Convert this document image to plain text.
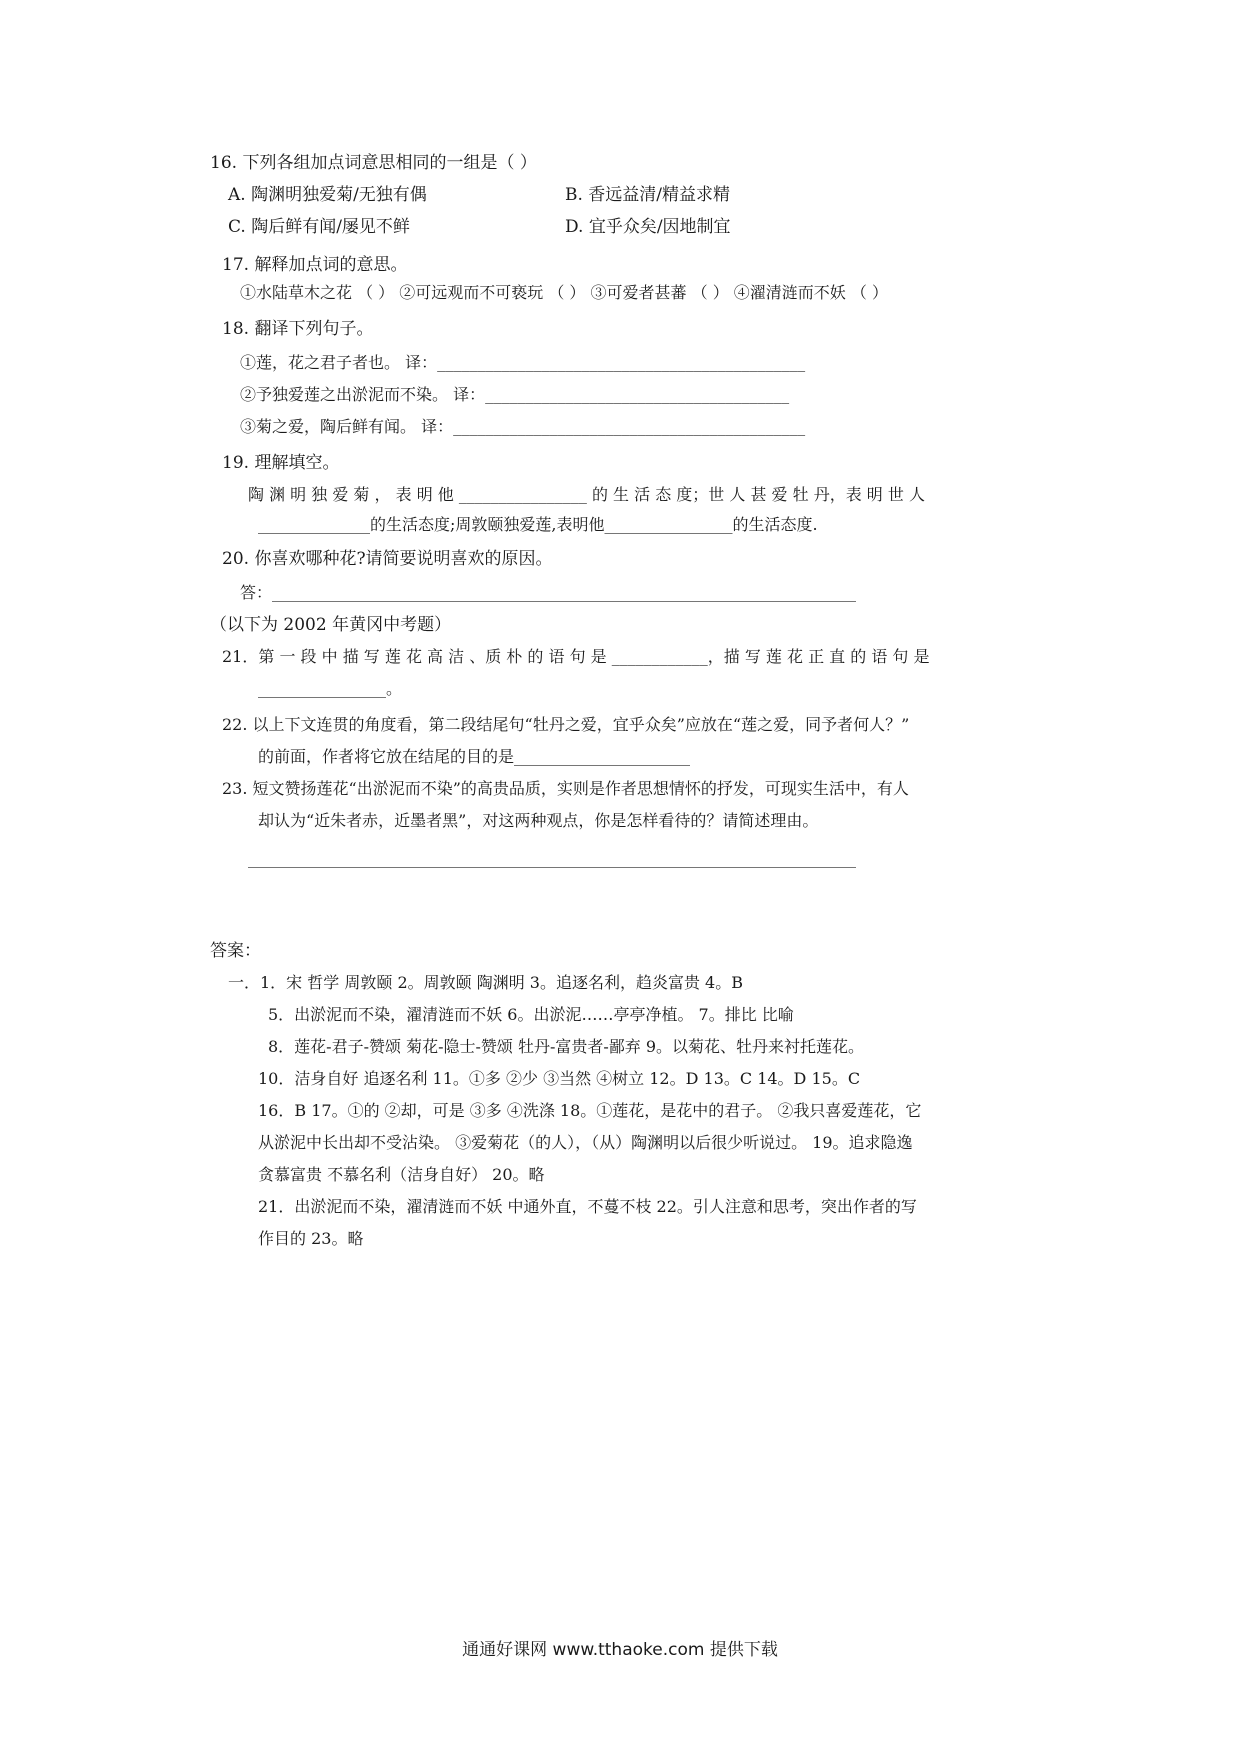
16. 下列各组加点词意思相同的一组是（ ）
A. 陶渊明独爱菊/无独有偶	B. 香远益清/精益求精
C. 陶后鲜有闻/屡见不鲜	D. 宜乎众矣/因地制宜
17. 解释加点词的意思。
①水陆草木之花 （ ） ②可远观而不可亵玩 （ ） ③可爱者甚蕃 （ ） ④濯清涟而不妖 （ ）
18. 翻译下列句子。
①莲，花之君子者也。 译：______________________________________________
②予独爱莲之出淤泥而不染。 译：______________________________________
③菊之爱，陶后鲜有闻。 译：____________________________________________
19. 理解填空。
陶 渊 明 独 爱 菊 ， 表 明 他 ________________ 的 生 活 态 度；世 人 甚 爱 牡 丹，表 明 世 人
______________的生活态度;周敦颐独爱莲,表明他________________的生活态度.
20. 你喜欢哪种花?请简要说明喜欢的原因。
答：_________________________________________________________________________
（以下为 2002 年黄冈中考题）
21．第 一 段 中 描 写 莲 花 高 洁 、质 朴 的 语 句 是 ____________，描 写 莲 花 正 直 的 语 句 是
________________。
22. 以上下文连贯的角度看，第二段结尾句“牡丹之爱，宜乎众矣”应放在“莲之爱，同予者何人？”
的前面，作者将它放在结尾的目的是______________________
23. 短文赞扬莲花“出淤泥而不染”的高贵品质，实则是作者思想情怀的抒发，可现实生活中，有人
却认为“近朱者赤，近墨者黑”，对这两种观点，你是怎样看待的？请简述理由。
____________________________________________________________________________
答案：
一．1．宋 哲学 周敦颐 2。周敦颐 陶渊明 3。追逐名利，趋炎富贵 4。B
5．出淤泥而不染，濯清涟而不妖 6。出淤泥……亭亭净植。 7。排比 比喻
8．莲花-君子-赞颂 菊花-隐士-赞颂 牡丹-富贵者-鄙弃 9。以菊花、牡丹来衬托莲花。
10．洁身自好 追逐名利 11。①多 ②少 ③当然 ④树立 12。D 13。C 14。D 15。C
16．B 17。①的 ②却，可是 ③多 ④洗涤 18。①莲花，是花中的君子。 ②我只喜爱莲花，它
从淤泥中长出却不受沾染。 ③爱菊花（的人），（从）陶渊明以后很少听说过。 19。追求隐逸
贪慕富贵 不慕名利（洁身自好） 20。略
21．出淤泥而不染，濯清涟而不妖 中通外直，不蔓不枝 22。引人注意和思考，突出作者的写
作目的 23。略
通通好课网 www.tthaoke.com 提供下载
